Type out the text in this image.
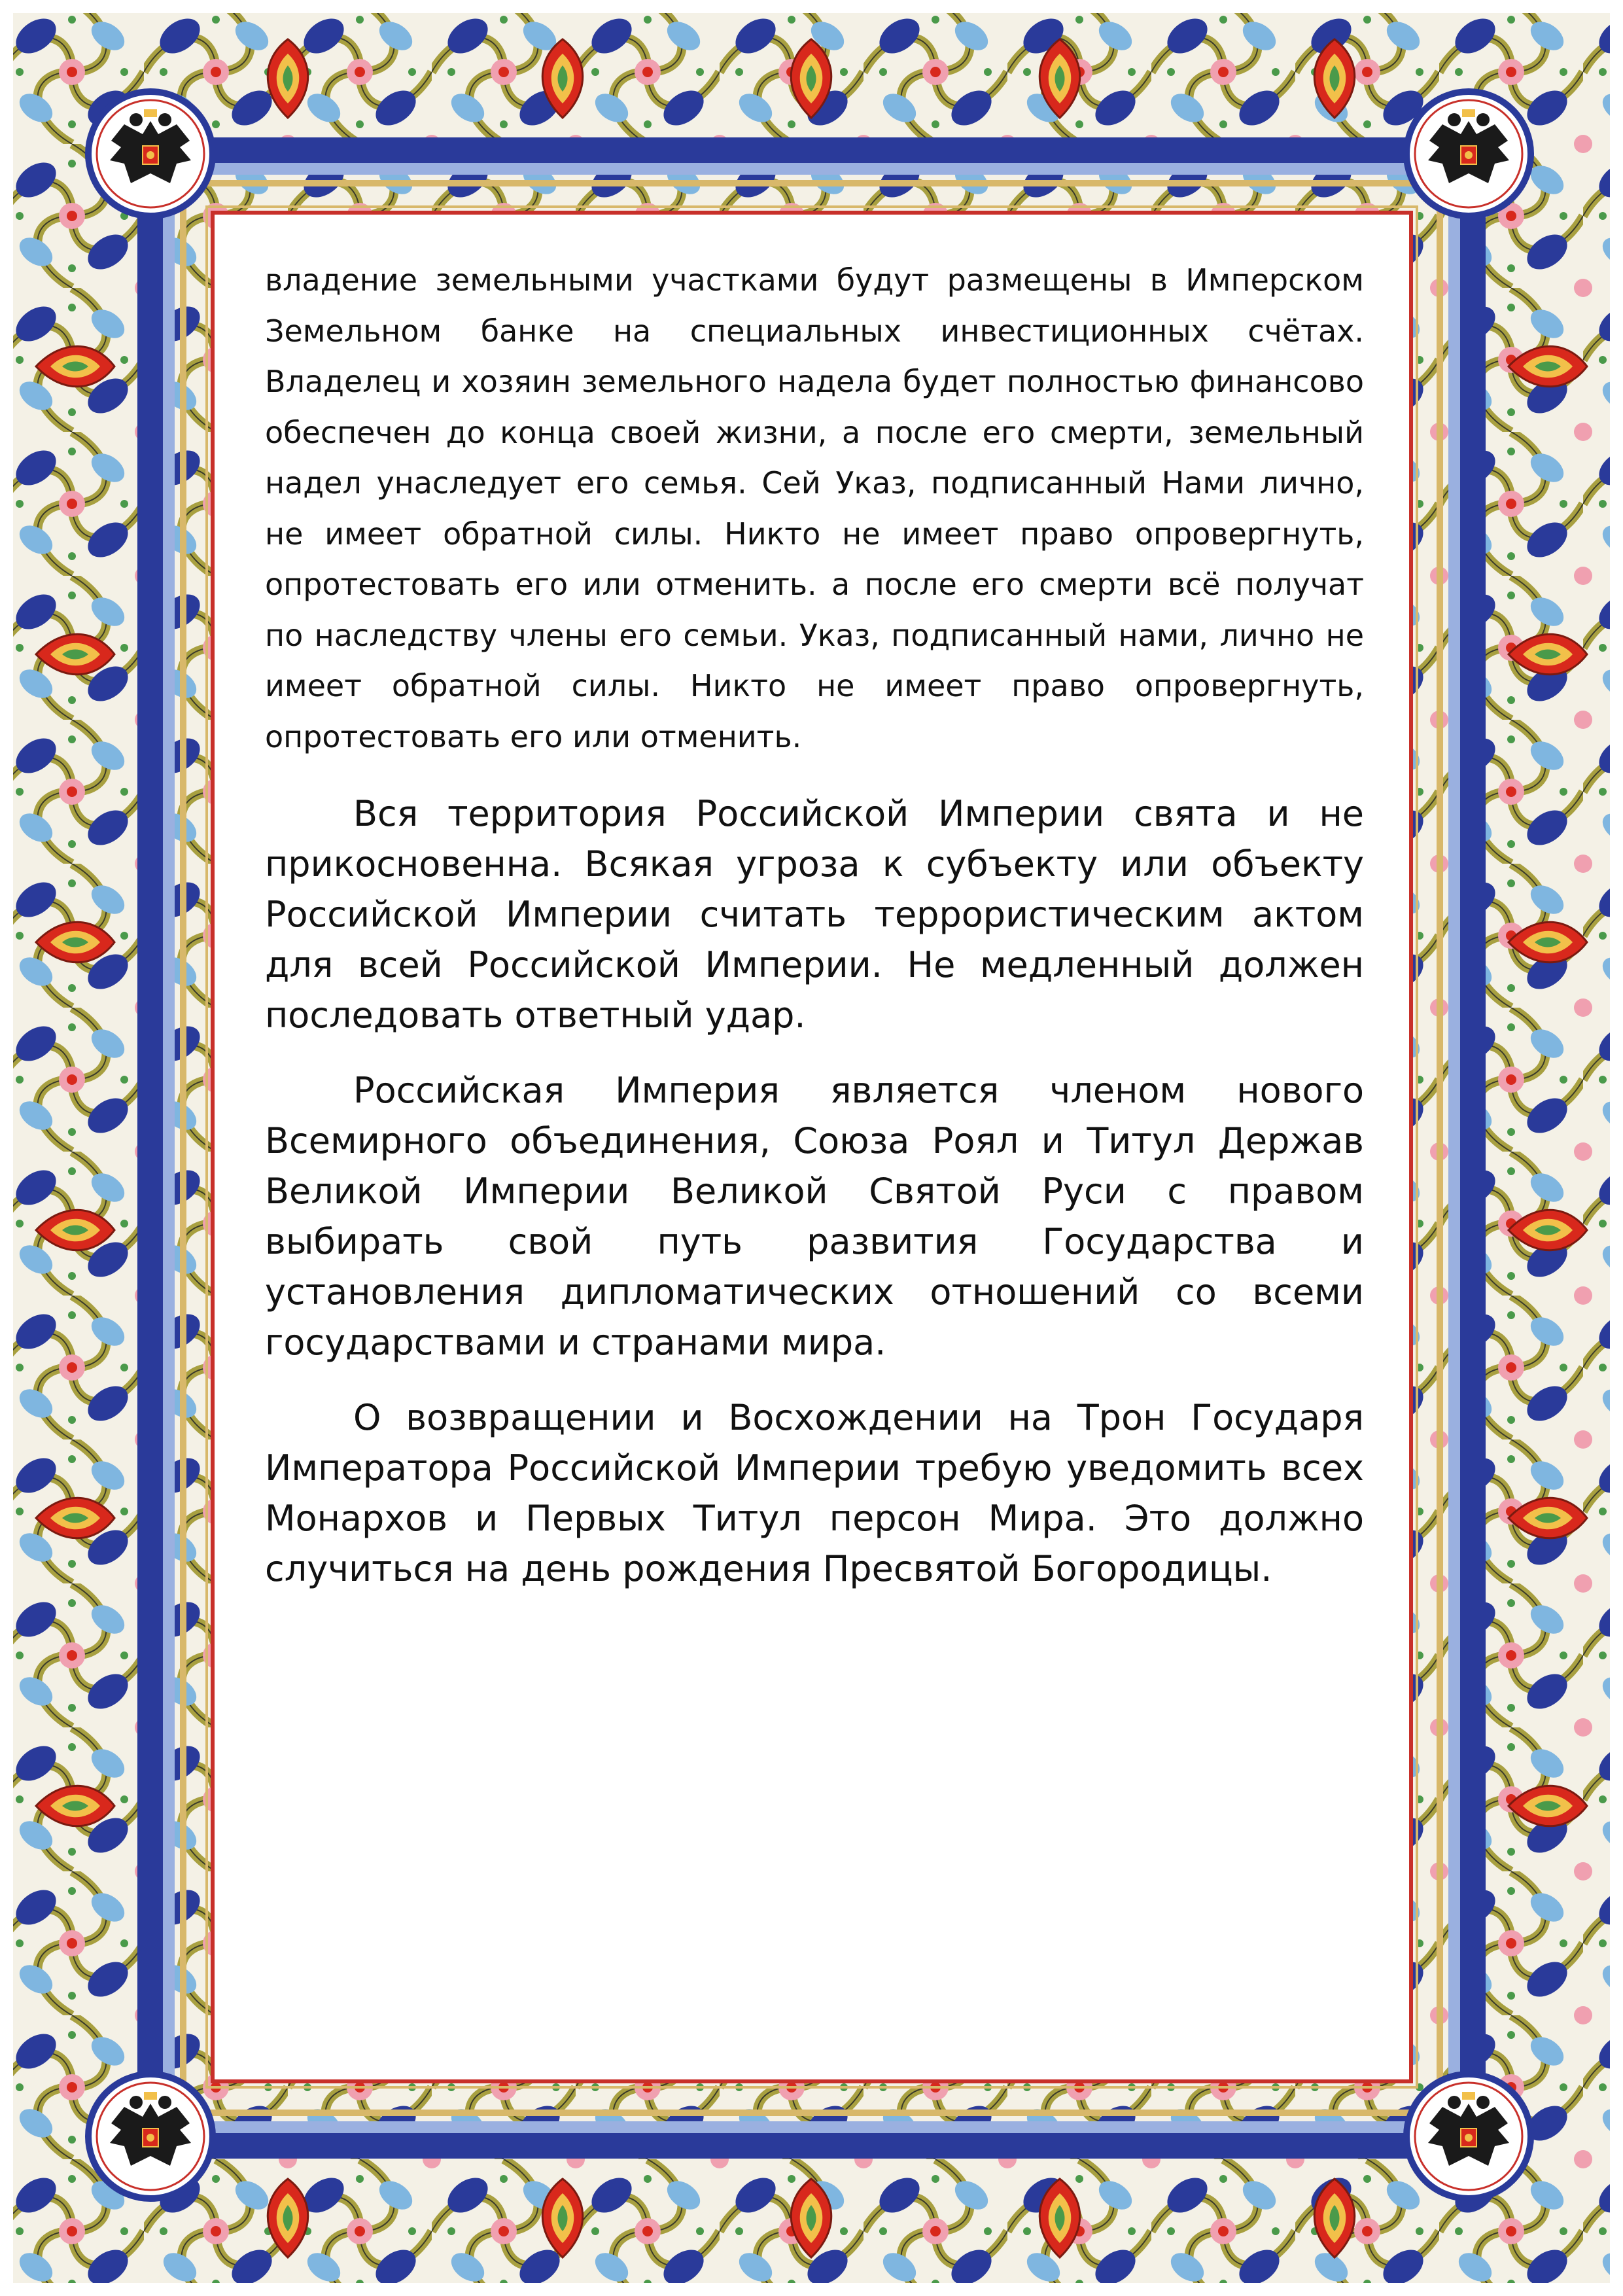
владение земельными участками будут размещены в Имперском Земельном банке на специальных инвестиционных счётах. Владелец и хозяин земельного надела будет полностью финансово обеспечен до конца своей жизни, а после его смерти, земельный надел унаследует его семья. Сей Указ, подписанный Нами лично, не имеет обратной силы. Никто не имеет право опровергнуть, опротестовать его или отменить. а после его смерти всё получат по наследству члены его семьи. Указ, подписанный нами, лично не имеет обратной силы. Никто не имеет право опровергнуть, опротестовать его или отменить.

Вся территория Российской Империи свята и не прикосновенна. Всякая угроза к субъекту или объекту Российской Империи считать террористическим актом для всей Российской Империи. Не медленный должен последовать ответный удар.

Российская Империя является членом нового Всемирного объединения, Союза Роял и Титул Держав Великой Империи Великой Святой Руси с правом выбирать свой путь развития Государства и установления дипломатических отношений со всеми государствами и странами мира.

О возвращении и Восхождении на Трон Государя Императора Российской Империи требую уведомить всех Монархов и Первых Титул персон Мира. Это должно случиться на день рождения Пресвятой Богородицы.
